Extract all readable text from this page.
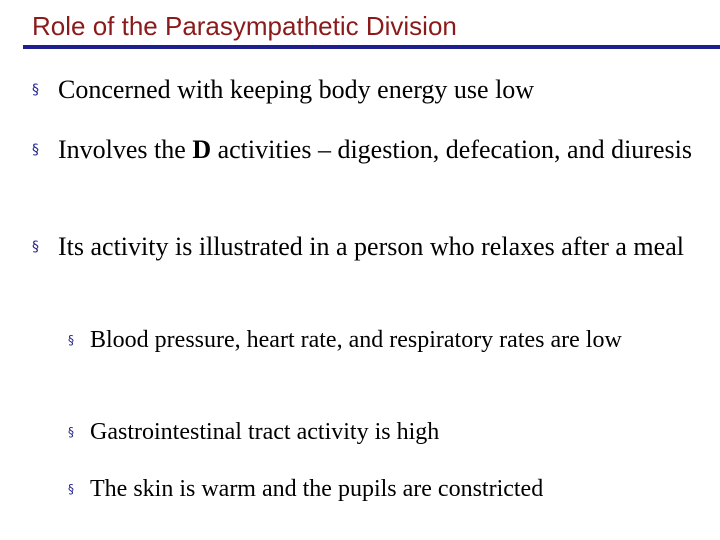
Role of the Parasympathetic Division
§ Concerned with keeping body energy use low
§ Involves the D activities – digestion, defecation, and diuresis
§ Its activity is illustrated in a person who relaxes after a meal
§ Blood pressure, heart rate, and respiratory rates are low
§ Gastrointestinal tract activity is high
§ The skin is warm and the pupils are constricted
